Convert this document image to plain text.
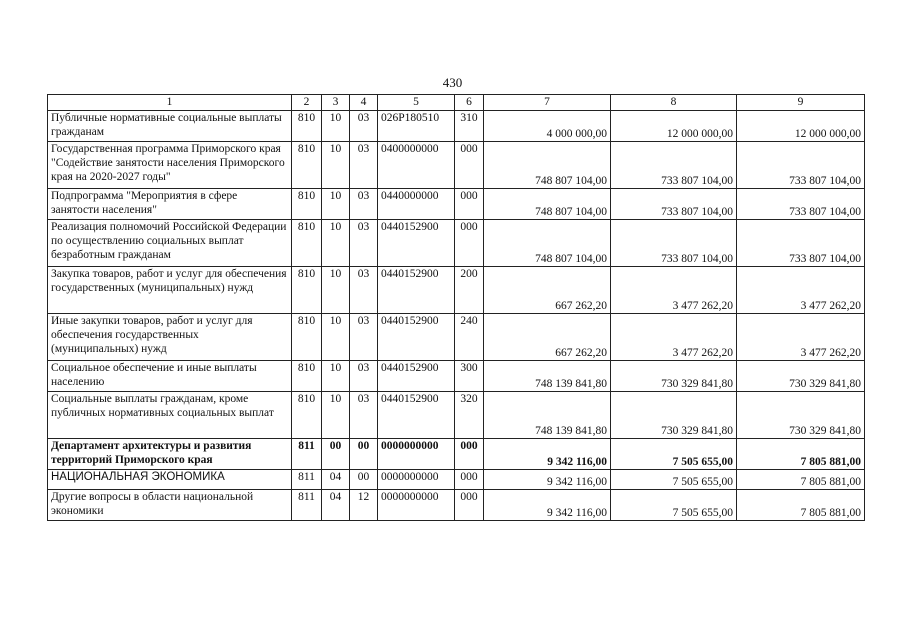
430
1	2	3	4	5	6	7	8	9
Публичные нормативные социальные выплаты гражданам	810	10	03	026P180510	310	4 000 000,00	12 000 000,00	12 000 000,00
Государственная программа Приморского края "Содействие занятости населения Приморского края на 2020-2027 годы"	810	10	03	0400000000	000	748 807 104,00	733 807 104,00	733 807 104,00
Подпрограмма "Мероприятия в сфере занятости населения"	810	10	03	0440000000	000	748 807 104,00	733 807 104,00	733 807 104,00
Реализация полномочий Российской Федерации по осуществлению социальных выплат безработным гражданам	810	10	03	0440152900	000	748 807 104,00	733 807 104,00	733 807 104,00
Закупка товаров, работ и услуг для обеспечения государственных (муниципальных) нужд	810	10	03	0440152900	200	667 262,20	3 477 262,20	3 477 262,20
Иные закупки товаров, работ и услуг для обеспечения государственных (муниципальных) нужд	810	10	03	0440152900	240	667 262,20	3 477 262,20	3 477 262,20
Социальное обеспечение и иные выплаты населению	810	10	03	0440152900	300	748 139 841,80	730 329 841,80	730 329 841,80
Социальные выплаты гражданам, кроме публичных нормативных социальных выплат	810	10	03	0440152900	320	748 139 841,80	730 329 841,80	730 329 841,80
Департамент архитектуры и развития территорий Приморского края	811	00	00	0000000000	000	9 342 116,00	7 505 655,00	7 805 881,00
НАЦИОНАЛЬНАЯ ЭКОНОМИКА	811	04	00	0000000000	000	9 342 116,00	7 505 655,00	7 805 881,00
Другие вопросы в области национальной экономики	811	04	12	0000000000	000	9 342 116,00	7 505 655,00	7 805 881,00
